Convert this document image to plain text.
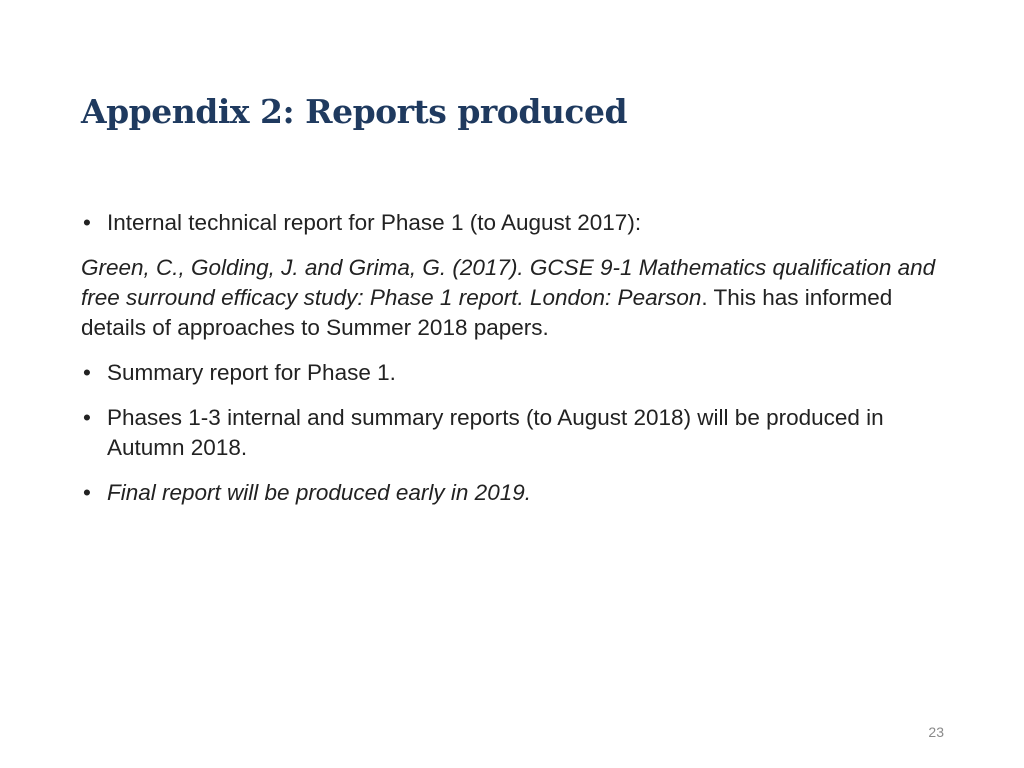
Appendix 2: Reports produced
• Internal technical report for Phase 1 (to August 2017):

Green, C., Golding, J. and Grima, G. (2017). GCSE 9-1 Mathematics qualification and free surround efficacy study: Phase 1 report. London: Pearson. This has informed details of approaches to Summer 2018 papers.

• Summary report for Phase 1.
• Phases 1-3 internal and summary reports (to August 2018) will be produced in Autumn 2018.
• Final report will be produced early in 2019.
23
